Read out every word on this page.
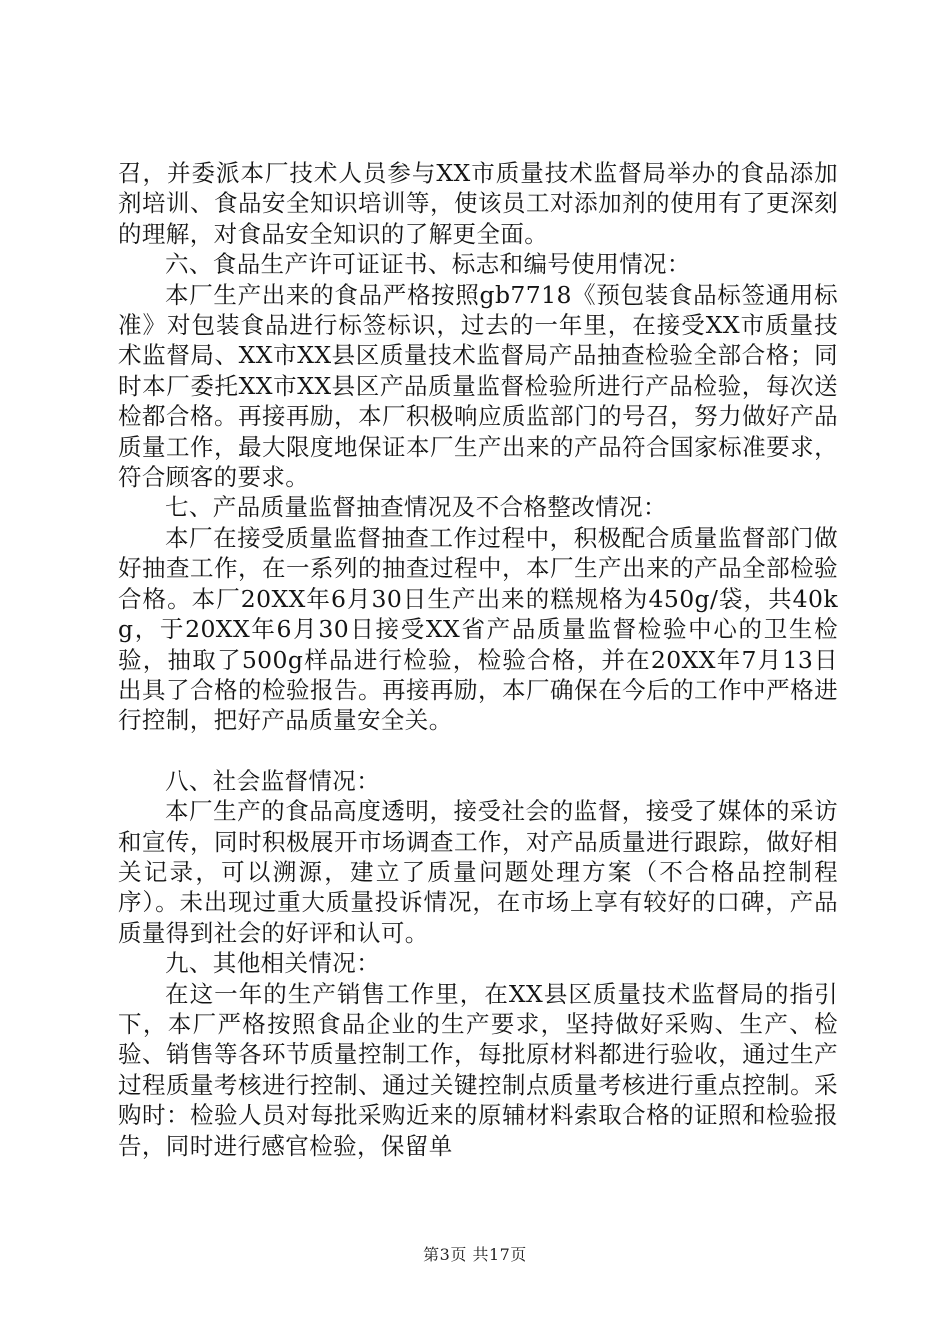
召，并委派本厂技术人员参与XX市质量技术监督局举办的食品添加剂培训、食品安全知识培训等，使该员工对添加剂的使用有了更深刻的理解，对食品安全知识的了解更全面。

六、食品生产许可证证书、标志和编号使用情况：

本厂生产出来的食品严格按照gb7718《预包装食品标签通用标准》对包装食品进行标签标识，过去的一年里，在接受XX市质量技术监督局、XX市XX县区质量技术监督局产品抽查检验全部合格；同时本厂委托XX市XX县区产品质量监督检验所进行产品检验，每次送检都合格。再接再励，本厂积极响应质监部门的号召，努力做好产品质量工作，最大限度地保证本厂生产出来的产品符合国家标准要求，符合顾客的要求。

七、产品质量监督抽查情况及不合格整改情况：

本厂在接受质量监督抽查工作过程中，积极配合质量监督部门做好抽查工作，在一系列的抽查过程中，本厂生产出来的产品全部检验合格。本厂20XX年6月30日生产出来的糕规格为450g/袋，共40kg，于20XX年6月30日接受XX省产品质量监督检验中心的卫生检验，抽取了500g样品进行检验，检验合格，并在20XX年7月13日出具了合格的检验报告。再接再励，本厂确保在今后的工作中严格进行控制，把好产品质量安全关。

八、社会监督情况：

本厂生产的食品高度透明，接受社会的监督，接受了媒体的采访和宣传，同时积极展开市场调查工作，对产品质量进行跟踪，做好相关记录，可以溯源，建立了质量问题处理方案（不合格品控制程序）。未出现过重大质量投诉情况，在市场上享有较好的口碑，产品质量得到社会的好评和认可。

九、其他相关情况：

在这一年的生产销售工作里，在XX县区质量技术监督局的指引下，本厂严格按照食品企业的生产要求，坚持做好采购、生产、检验、销售等各环节质量控制工作，每批原材料都进行验收，通过生产过程质量考核进行控制、通过关键控制点质量考核进行重点控制。采购时：检验人员对每批采购近来的原辅材料索取合格的证照和检验报告，同时进行感官检验，保留单

第3页 共17页
